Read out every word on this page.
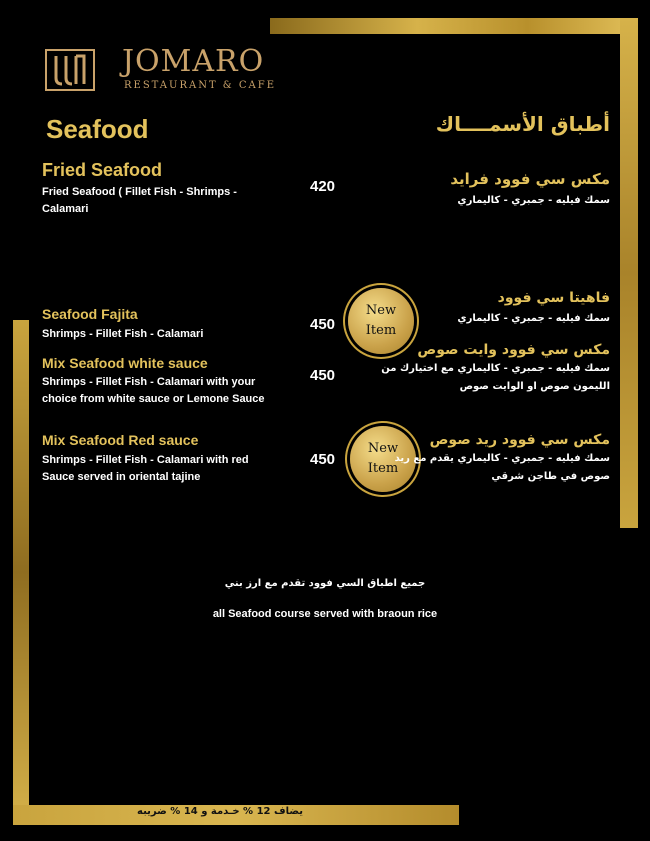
JOMARO
RESTAURANT & CAFE
Seafood	أطباق الأسمــــاك
Fried Seafood
Fried Seafood ( Fillet Fish - Shrimps - Calamari
420	مكس سي فوود فرايد
سمك فيليه - جمبري - كاليماري
Seafood Fajita
Shrimps - Fillet Fish - Calamari
450
New
Item
فاهيتا سي فوود
سمك فيليه - جمبري - كاليماري
Mix Seafood white sauce
Shrimps - Fillet Fish - Calamari with your choice from white sauce or Lemone Sauce
450
مكس سي فوود وايت صوص
سمك فيليه - جمبري - كاليماري مع اختيارك من الليمون صوص او الوايت صوص
Mix Seafood Red sauce
Shrimps - Fillet Fish - Calamari with red Sauce served in oriental tajine
450
New
Item
مكس سي فوود ريد صوص
سمك فيليه - جمبري - كاليماري يقدم مع ريد صوص في طاجن شرقي
جميع اطباق السي فوود تقدم مع ارز بني
all Seafood course served with braoun rice
يضاف 12 % خـدمة و 14 % ضريبه
